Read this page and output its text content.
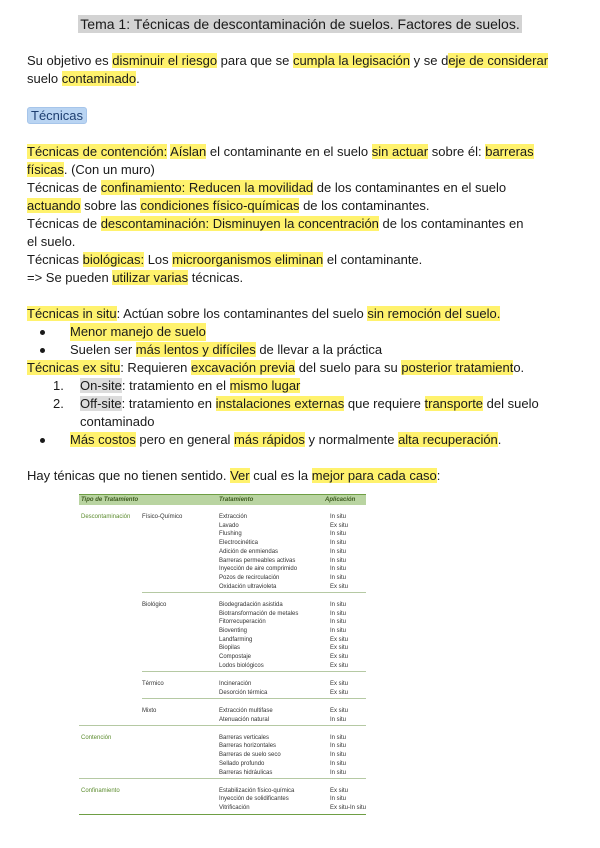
Tema 1: Técnicas de descontaminación de suelos. Factores de suelos.
Su objetivo es disminuir el riesgo para que se cumpla la legisación y se deje de considerar
suelo contaminado.
Técnicas
Técnicas de contención: Aíslan el contaminante en el suelo sin actuar sobre él: barreras
físicas. (Con un muro)
Técnicas de confinamiento: Reducen la movilidad de los contaminantes en el suelo
actuando sobre las condiciones físico-químicas de los contaminantes.
Técnicas de descontaminación: Disminuyen la concentración de los contaminantes en
el suelo.
Técnicas biológicas: Los microorganismos eliminan el contaminante.
=> Se pueden utilizar varias técnicas.
Técnicas in situ: Actúan sobre los contaminantes del suelo sin remoción del suelo.
Menor manejo de suelo
Suelen ser más lentos y difíciles de llevar a la práctica
Técnicas ex situ: Requieren excavación previa del suelo para su posterior tratamiento.
1. On-site: tratamiento en el mismo lugar
2. Off-site: tratamiento en instalaciones externas que requiere transporte del suelo
contaminado
Más costos pero en general más rápidos y normalmente alta recuperación.
Hay ténicas que no tienen sentido. Ver cual es la mejor para cada caso:
Tipo de Tratamiento	Tratamiento	Aplicación
Descontaminación Físico-Químico	Extracción	In situ
Lavado	Ex situ
Flushing	In situ
Electrocinética	In situ
Adición de enmiendas	In situ
Barreras permeables activas	In situ
Inyección de aire comprimido	In situ
Pozos de recirculación	In situ
Oxidación ultravioleta	Ex situ
Biológico	Biodegradación asistida	In situ
Biotransformación de metales	In situ
Fitorrecuperación	In situ
Bioventing	In situ
Landfarming	Ex situ
Biopilas	Ex situ
Compostaje	Ex situ
Lodos biológicos	Ex situ
Térmico	Incineración	Ex situ
Desorción térmica	Ex situ
Mixto	Extracción multifase	Ex situ
Atenuación natural	In situ
Contención	Barreras verticales	In situ
Barreras horizontales	In situ
Barreras de suelo seco	In situ
Sellado profundo	In situ
Barreras hidráulicas	In situ
Confinamiento	Estabilización físico-química	Ex situ
Inyección de solidificantes	In situ
Vitrificación	Ex situ-In situ
